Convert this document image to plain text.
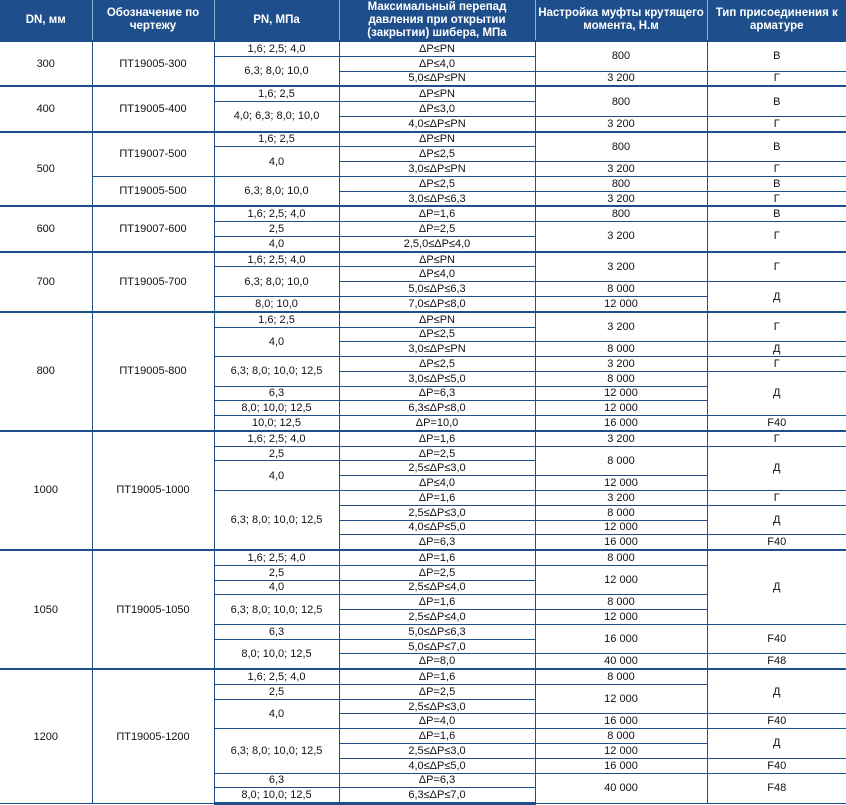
DN, мм	Обозначение по чертежу	PN, МПа	Максимальный перепад давления при открытии (закрытии) шибера, МПа	Настройка муфты крутящего момента, Н.м	Тип присоединения к арматуре
300	ПТ19005-300	1,6; 2,5; 4,0	ΔP≤PN	800	В
		6,3; 8,0; 10,0	ΔP≤4,0		
			5,0≤ΔP≤PN	3 200	Г
400	ПТ19005-400	1,6; 2,5	ΔP≤PN	800	В
		4,0; 6,3; 8,0; 10,0	ΔP≤3,0		
			4,0≤ΔP≤PN	3 200	Г
500	ПТ19007-500	1,6; 2,5	ΔP≤PN	800	В
		4,0	ΔP≤2,5		
			3,0≤ΔP≤PN	3 200	Г
	ПТ19005-500	6,3; 8,0; 10,0	ΔP≤2,5	800	В
			3,0≤ΔP≤6,3	3 200	Г
600	ПТ19007-600	1,6; 2,5; 4,0	ΔP=1,6	800	В
		2,5	ΔP=2,5	3 200	Г
		4,0	2,5,0≤ΔP≤4,0		
700	ПТ19005-700	1,6; 2,5; 4,0	ΔP≤PN	3 200	Г
		6,3; 8,0; 10,0	ΔP≤4,0		
			5,0≤ΔP≤6,3	8 000	Д
		8,0; 10,0	7,0≤ΔP≤8,0	12 000	
800	ПТ19005-800	1,6; 2,5	ΔP≤PN	3 200	Г
		4,0	ΔP≤2,5		
			3,0≤ΔP≤PN	8 000	Д
		6,3; 8,0; 10,0; 12,5	ΔP≤2,5	3 200	Г
			3,0≤ΔP≤5,0	8 000	Д
		6,3	ΔP=6,3	12 000	
		8,0; 10,0; 12,5	6,3≤ΔP≤8,0	12 000	
		10,0; 12,5	ΔP=10,0	16 000	F40
1000	ПТ19005-1000	1,6; 2,5; 4,0	ΔP=1,6	3 200	Г
		2,5	ΔP=2,5	8 000	Д
		4,0	2,5≤ΔP≤3,0		
			ΔP≤4,0	12 000	
		6,3; 8,0; 10,0; 12,5	ΔP=1,6	3 200	Г
			2,5≤ΔP≤3,0	8 000	Д
			4,0≤ΔP≤5,0	12 000	
			ΔP=6,3	16 000	F40
1050	ПТ19005-1050	1,6; 2,5; 4,0	ΔP=1,6	8 000	Д
		2,5	ΔP=2,5	12 000	
		4,0	2,5≤ΔP≤4,0		
		6,3; 8,0; 10,0; 12,5	ΔP=1,6	8 000	
			2,5≤ΔP≤4,0	12 000	
		6,3	5,0≤ΔP≤6,3	16 000	F40
		8,0; 10,0; 12,5	5,0≤ΔP≤7,0		
			ΔP=8,0	40 000	F48
1200	ПТ19005-1200	1,6; 2,5; 4,0	ΔP=1,6	8 000	Д
		2,5	ΔP=2,5	12 000	
		4,0	2,5≤ΔP≤3,0		
			ΔP=4,0	16 000	F40
		6,3; 8,0; 10,0; 12,5	ΔP=1,6	8 000	Д
			2,5≤ΔP≤3,0	12 000	
			4,0≤ΔP≤5,0	16 000	F40
		6,3	ΔP=6,3	40 000	F48
		8,0; 10,0; 12,5	6,3≤ΔP≤7,0		
